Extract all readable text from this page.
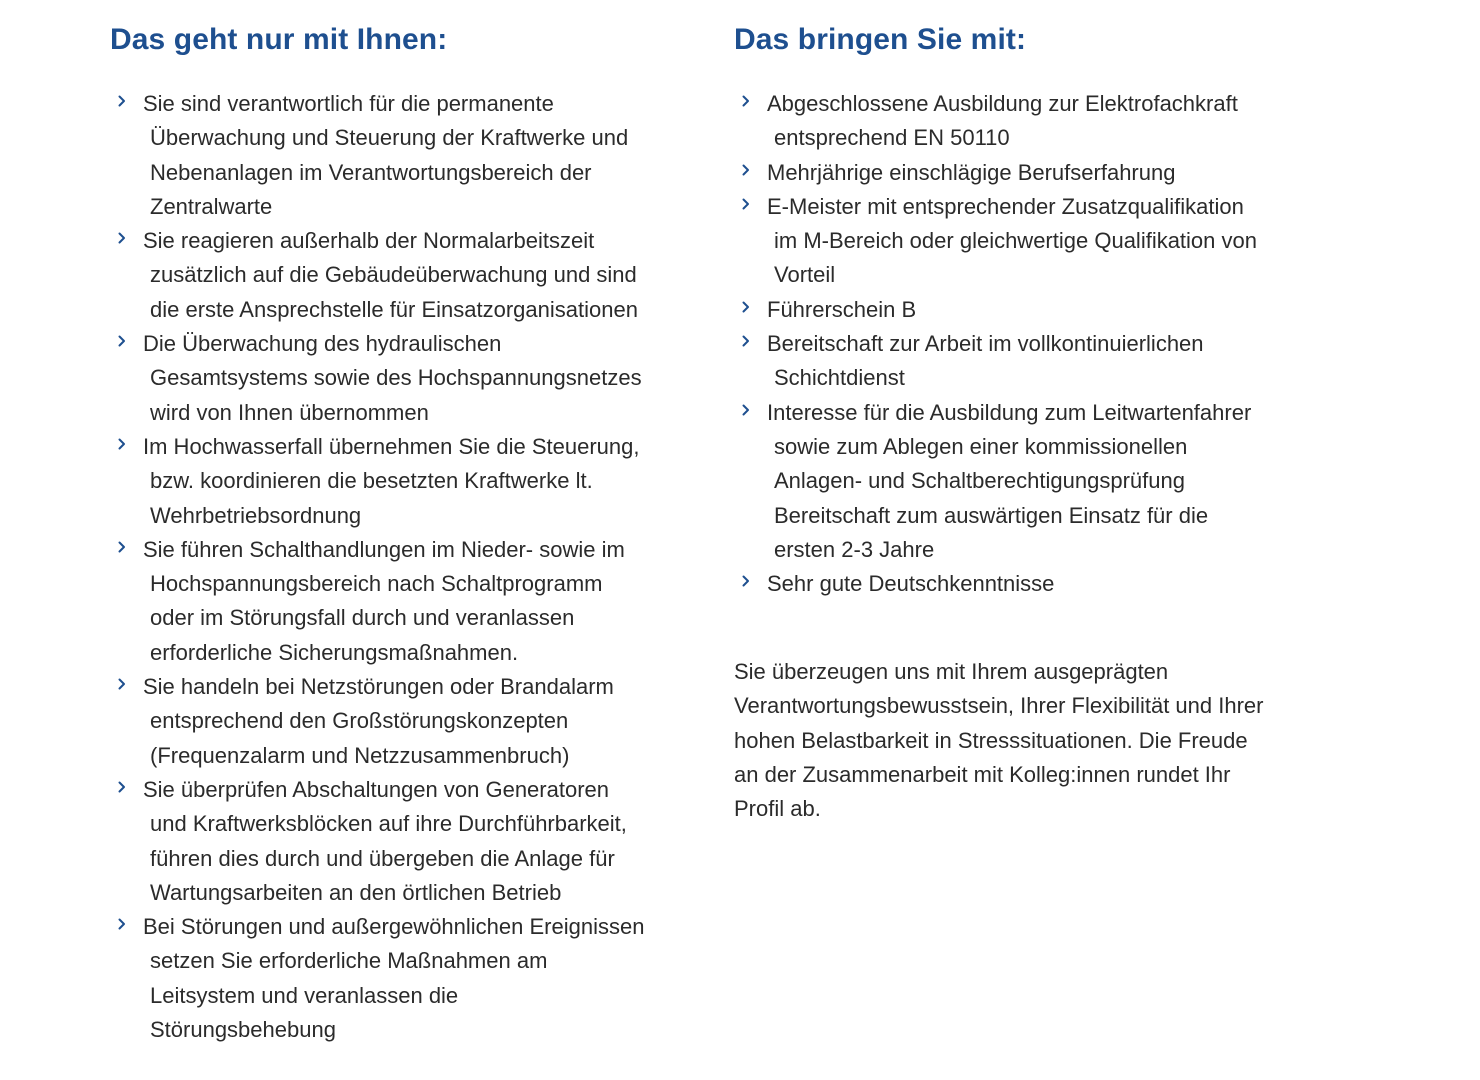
Das geht nur mit Ihnen:
Sie sind verantwortlich für die permanente
Überwachung und Steuerung der Kraftwerke und
Nebenanlagen im Verantwortungsbereich der
Zentralwarte
Sie reagieren außerhalb der Normalarbeitszeit
zusätzlich auf die Gebäudeüberwachung und sind
die erste Ansprechstelle für Einsatzorganisationen
Die Überwachung des hydraulischen
Gesamtsystems sowie des Hochspannungsnetzes
wird von Ihnen übernommen
Im Hochwasserfall übernehmen Sie die Steuerung,
bzw. koordinieren die besetzten Kraftwerke lt.
Wehrbetriebsordnung
Sie führen Schalthandlungen im Nieder- sowie im
Hochspannungsbereich nach Schaltprogramm
oder im Störungsfall durch und veranlassen
erforderliche Sicherungsmaßnahmen.
Sie handeln bei Netzstörungen oder Brandalarm
entsprechend den Großstörungskonzepten
(Frequenzalarm und Netzzusammenbruch)
Sie überprüfen Abschaltungen von Generatoren
und Kraftwerksblöcken auf ihre Durchführbarkeit,
führen dies durch und übergeben die Anlage für
Wartungsarbeiten an den örtlichen Betrieb
Bei Störungen und außergewöhnlichen Ereignissen
setzen Sie erforderliche Maßnahmen am
Leitsystem und veranlassen die
Störungsbehebung
Das bringen Sie mit:
Abgeschlossene Ausbildung zur Elektrofachkraft
entsprechend EN 50110
Mehrjährige einschlägige Berufserfahrung
E-Meister mit entsprechender Zusatzqualifikation
im M-Bereich oder gleichwertige Qualifikation von
Vorteil
Führerschein B
Bereitschaft zur Arbeit im vollkontinuierlichen
Schichtdienst
Interesse für die Ausbildung zum Leitwartenfahrer
sowie zum Ablegen einer kommissionellen
Anlagen- und Schaltberechtigungsprüfung
Bereitschaft zum auswärtigen Einsatz für die
ersten 2-3 Jahre
Sehr gute Deutschkenntnisse

Sie überzeugen uns mit Ihrem ausgeprägten
Verantwortungsbewusstsein, Ihrer Flexibilität und Ihrer
hohen Belastbarkeit in Stresssituationen. Die Freude
an der Zusammenarbeit mit Kolleg:innen rundet Ihr
Profil ab.
